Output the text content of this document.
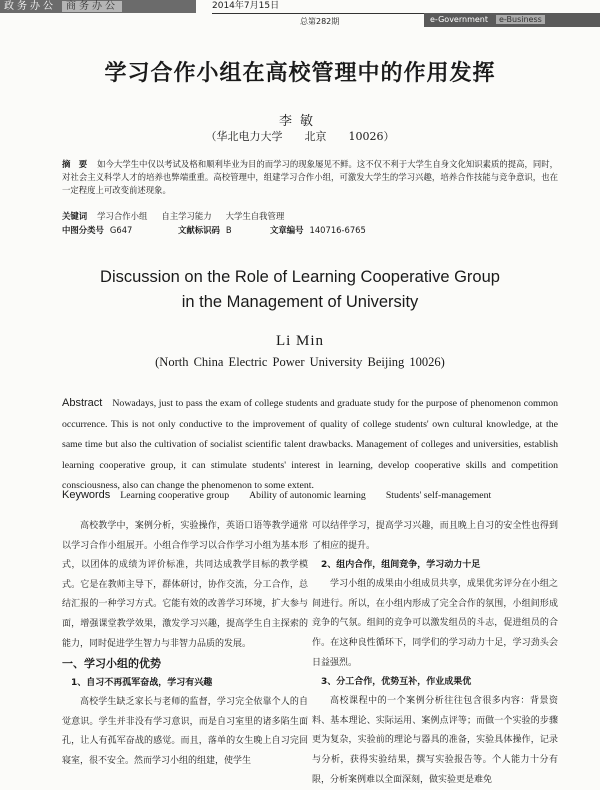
政务办公 商务办公	2014年7月15日
总第282期	e-Government e-Business
学习合作小组在高校管理中的作用发挥
李敏
（华北电力大学　　北京　　10026）
摘　要 如今大学生中仅以考试及格和顺利毕业为目的而学习的现象屡见不鲜。这不仅不利于大学生自身文化知识素质的提高，同时，对社会主义科学人才的培养也弊端重重。高校管理中，组建学习合作小组，可激发大学生的学习兴趣，培养合作技能与竞争意识，也在一定程度上可改变前述现象。
关键词 学习合作小组 自主学习能力 大学生自我管理
中图分类号 G647	文献标识码 B	文章编号 140716-6765
Discussion on the Role of Learning Cooperative Group
in the Management of University
Li Min
(North China Electric Power University Beijing 10026)
Abstract Nowadays, just to pass the exam of college students and graduate study for the purpose of phenomenon common occurrence. This is not only conductive to the improvement of quality of college students' own cultural knowledge, at the same time but also the cultivation of socialist scientific talent drawbacks. Management of colleges and universities, establish learning cooperative group, it can stimulate students' interest in learning, develop cooperative skills and competition consciousness, also can change the phenomenon to some extent.
Keywords Learning cooperative group Ability of autonomic learning Students' self-management

高校教学中，案例分析，实验操作，英语口语等教学通常以学习合作小组展开。小组合作学习以合作学习小组为基本形式，以团体的成绩为评价标准，共同达成教学目标的教学模式。它是在教师主导下，群体研讨，协作交流，分工合作，总结汇报的一种学习方式。它能有效的改善学习环境，扩大参与面，增强课堂教学效果，激发学习兴趣，提高学生自主探索的能力，同时促进学生智力与非智力品质的发展。

一、学习小组的优势
1、自习不再孤军奋战，学习有兴趣

高校学生缺乏家长与老师的监督，学习完全依靠个人的自觉意识。学生并非没有学习意识，而是自习室里的诸多陷生面孔，让人有孤军奋战的感觉。而且，落单的女生晚上自习完回寝室，很不安全。然而学习小组的组建，使学生

可以结伴学习，提高学习兴趣，而且晚上自习的安全性也得到了相应的提升。

2、组内合作，组间竞争，学习动力十足

学习小组的成果由小组成员共享，成果优劣评分在小组之间进行。所以，在小组内形成了完全合作的氛围，小组间形成竞争的气氛。组间的竞争可以激发组员的斗志，促进组员的合作。在这种良性循环下，同学们的学习动力十足，学习劲头会日益强烈。

3、分工合作，优势互补，作业成果优

高校课程中的一个案例分析往往包含很多内容：背景资料、基本理论、实际运用、案例点评等；而做一个实验的步骤更为复杂，实验前的理论与器具的准备，实验具体操作，记录与分析，获得实验结果，撰写实验报告等。个人能力十分有限，分析案例难以全面深刻，做实验更是难免
